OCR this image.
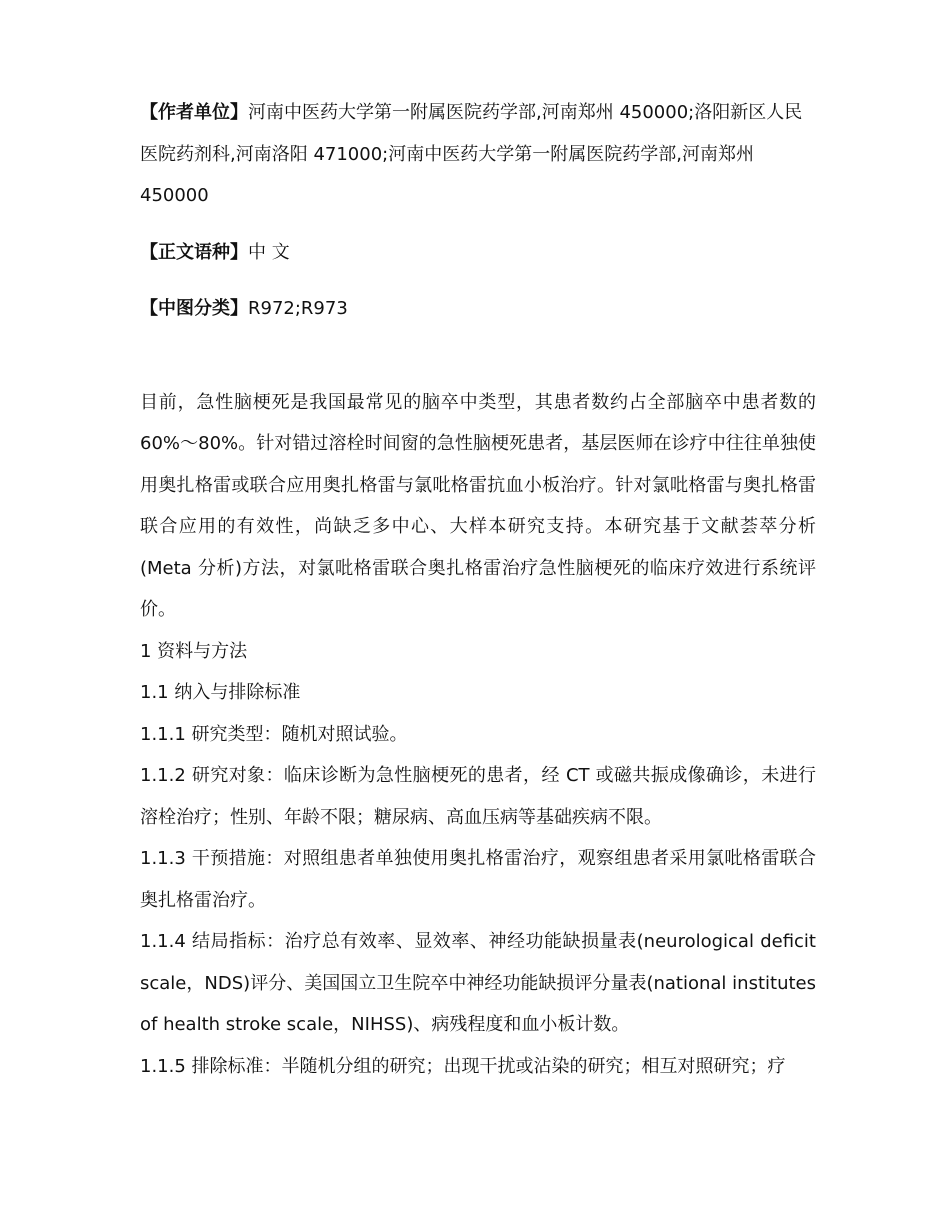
【作者单位】河南中医药大学第一附属医院药学部,河南郑州 450000;洛阳新区人民医院药剂科,河南洛阳 471000;河南中医药大学第一附属医院药学部,河南郑州 450000

【正文语种】中 文

【中图分类】R972;R973

目前，急性脑梗死是我国最常见的脑卒中类型，其患者数约占全部脑卒中患者数的60%～80%。针对错过溶栓时间窗的急性脑梗死患者，基层医师在诊疗中往往单独使用奥扎格雷或联合应用奥扎格雷与氯吡格雷抗血小板治疗。针对氯吡格雷与奥扎格雷联合应用的有效性，尚缺乏多中心、大样本研究支持。本研究基于文献荟萃分析(Meta 分析)方法，对氯吡格雷联合奥扎格雷治疗急性脑梗死的临床疗效进行系统评价。

1 资料与方法

1.1 纳入与排除标准

1.1.1 研究类型：随机对照试验。

1.1.2 研究对象：临床诊断为急性脑梗死的患者，经 CT 或磁共振成像确诊，未进行溶栓治疗；性别、年龄不限；糖尿病、高血压病等基础疾病不限。

1.1.3 干预措施：对照组患者单独使用奥扎格雷治疗，观察组患者采用氯吡格雷联合奥扎格雷治疗。

1.1.4 结局指标：治疗总有效率、显效率、神经功能缺损量表(neurological deficit scale，NDS)评分、美国国立卫生院卒中神经功能缺损评分量表(national institutes of health stroke scale，NIHSS)、病残程度和血小板计数。

1.1.5 排除标准：半随机分组的研究；出现干扰或沾染的研究；相互对照研究；疗
